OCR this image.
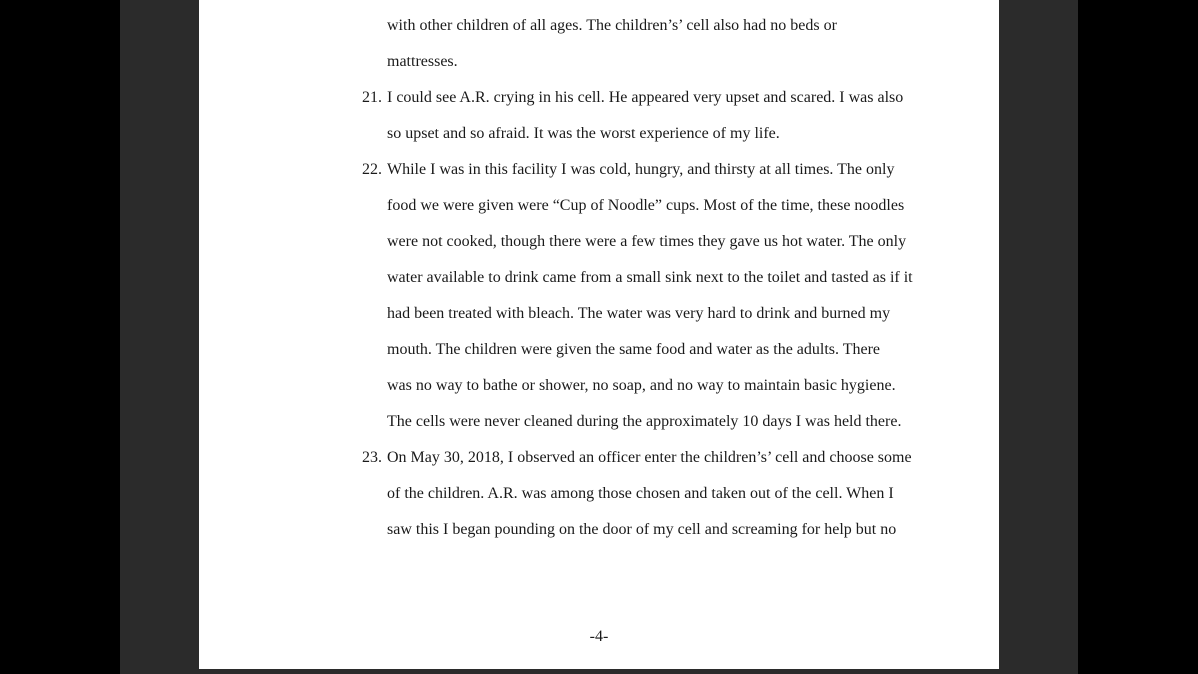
with other children of all ages. The children’s’ cell also had no beds or
mattresses.
21. I could see A.R. crying in his cell. He appeared very upset and scared. I was also
so upset and so afraid. It was the worst experience of my life.
22. While I was in this facility I was cold, hungry, and thirsty at all times. The only
food we were given were “Cup of Noodle” cups. Most of the time, these noodles
were not cooked, though there were a few times they gave us hot water. The only
water available to drink came from a small sink next to the toilet and tasted as if it
had been treated with bleach. The water was very hard to drink and burned my
mouth. The children were given the same food and water as the adults. There
was no way to bathe or shower, no soap, and no way to maintain basic hygiene.
The cells were never cleaned during the approximately 10 days I was held there.
23. On May 30, 2018, I observed an officer enter the children’s’ cell and choose some
of the children. A.R. was among those chosen and taken out of the cell. When I
saw this I began pounding on the door of my cell and screaming for help but no
-4-
